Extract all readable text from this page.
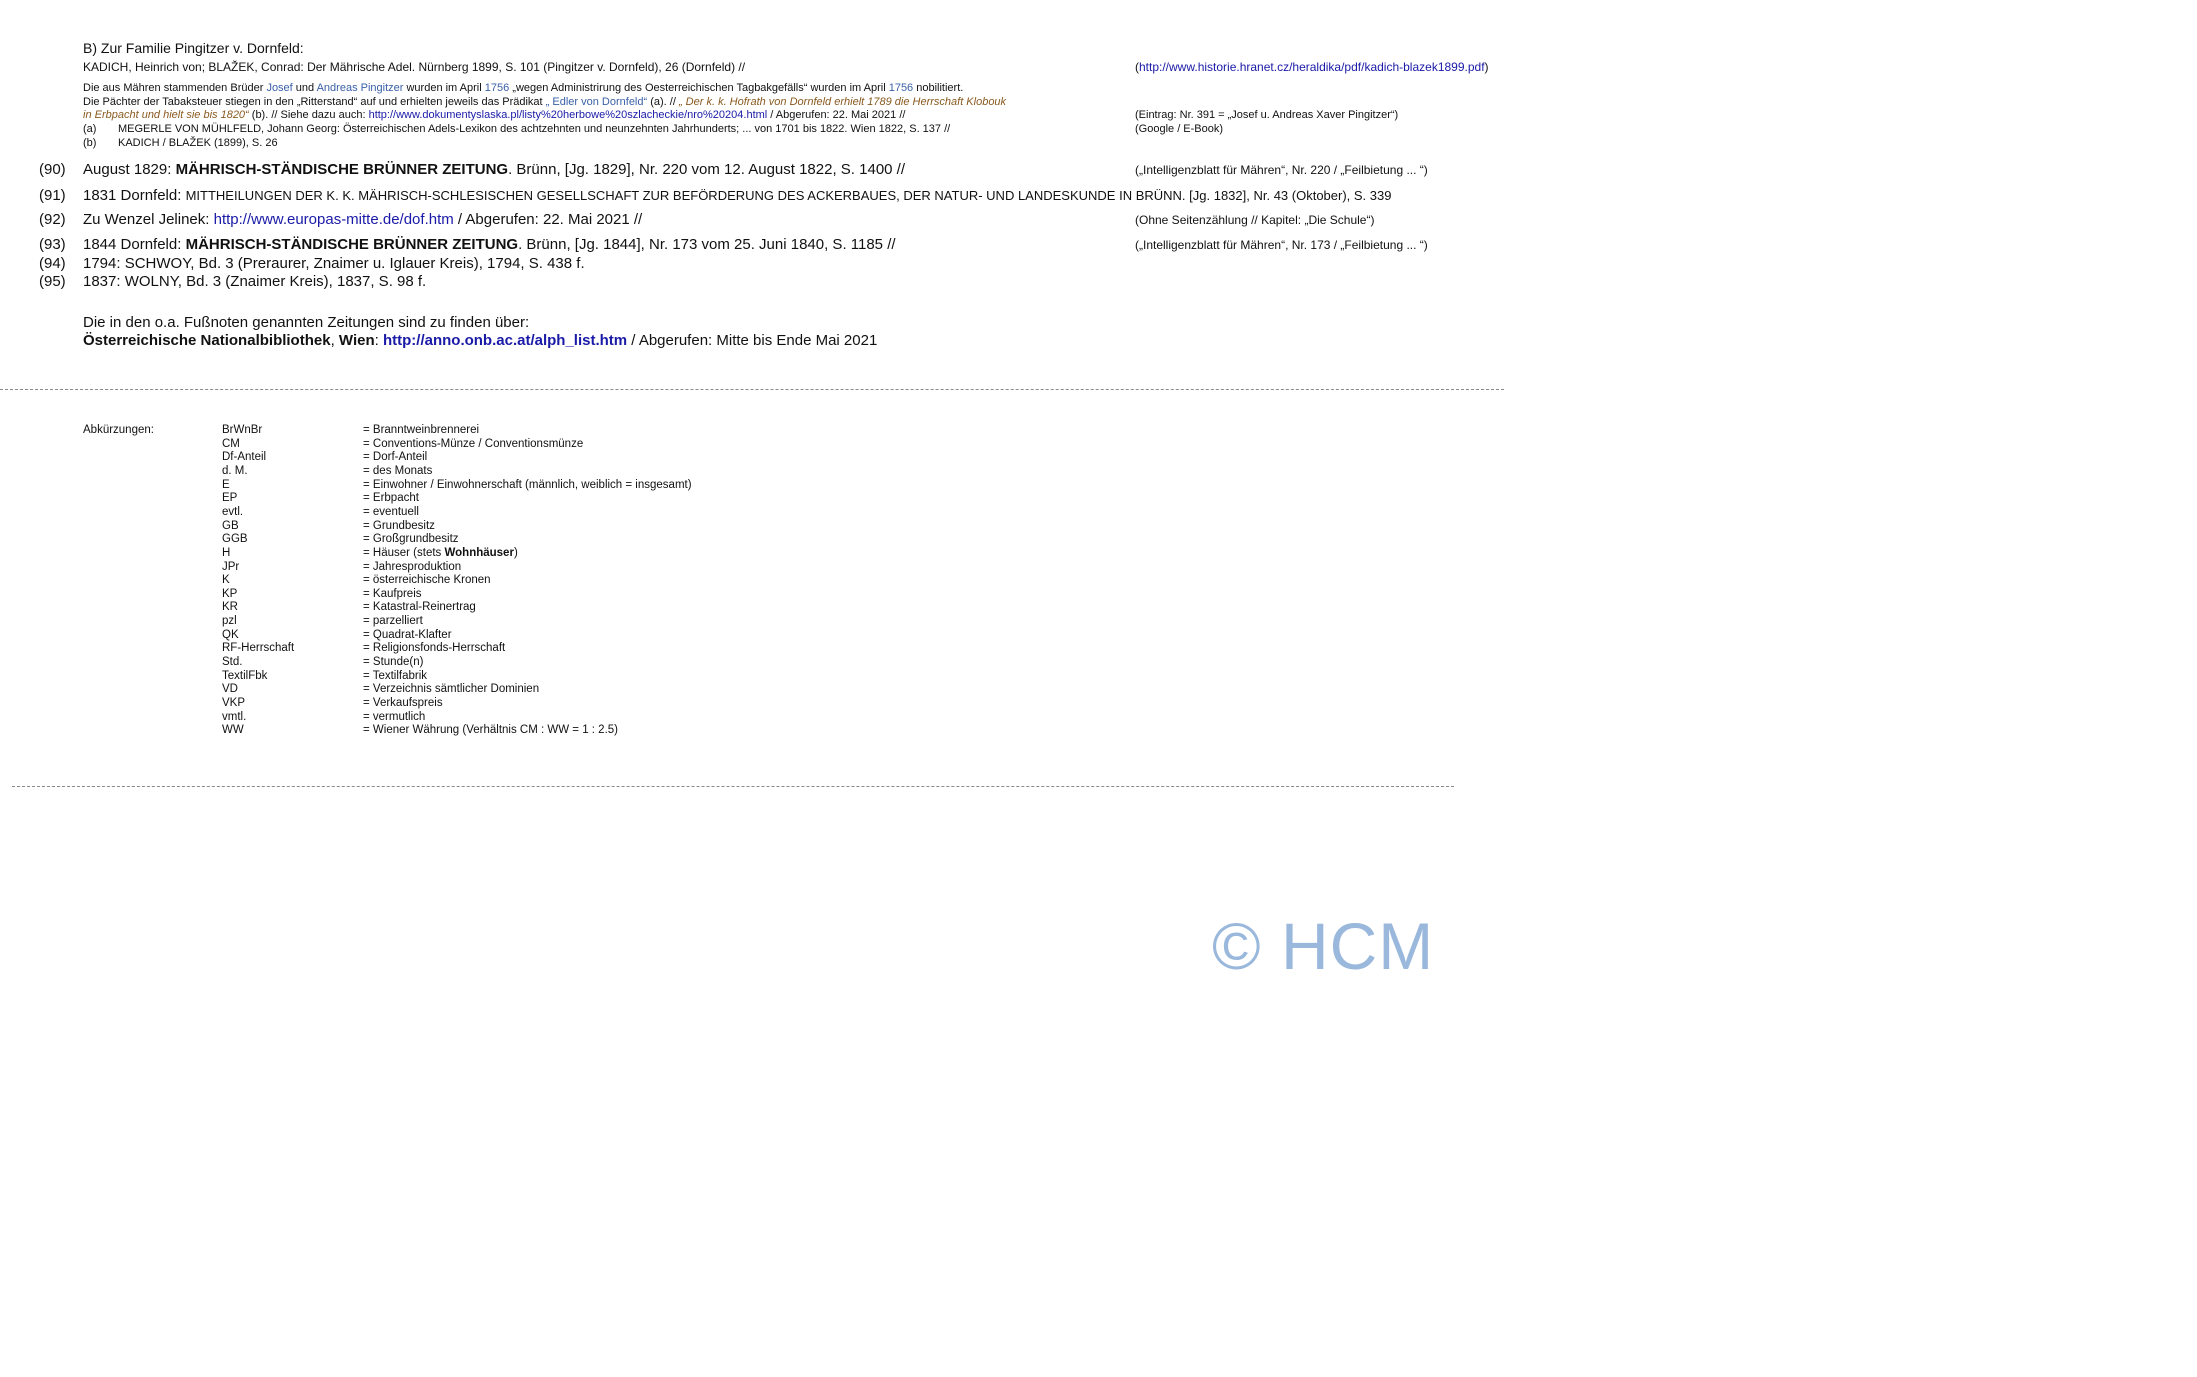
B) Zur Familie Pingitzer v. Dornfeld:
KADICH, Heinrich von; BLAŽEK, Conrad: Der Mährische Adel. Nürnberg 1899, S. 101 (Pingitzer v. Dornfeld), 26 (Dornfeld) //	(http://www.historie.hranet.cz/heraldika/pdf/kadich-blazek1899.pdf)
Die aus Mähren stammenden Brüder Josef und Andreas Pingitzer wurden im April 1756 „wegen Administrirung des Oesterreichischen Tagbakgefälls“ wurden im April 1756 nobilitiert.
Die Pächter der Tabaksteuer stiegen in den „Ritterstand“ auf und erhielten jeweils das Prädikat „ Edler von Dornfeld“ (a). // „ Der k. k. Hofrath von Dornfeld erhielt 1789 die Herrschaft Klobouk
in Erbpacht und hielt sie bis 1820“ (b). // Siehe dazu auch: http://www.dokumentyslaska.pl/listy%20herbowe%20szlacheckie/nro%20204.html / Abgerufen: 22. Mai 2021 //	(Eintrag: Nr. 391 = „Josef u. Andreas Xaver Pingitzer“)
(a) MEGERLE VON MÜHLFELD, Johann Georg: Österreichischen Adels-Lexikon des achtzehnten und neunzehnten Jahrhunderts; ... von 1701 bis 1822. Wien 1822, S. 137 //	(Google / E-Book)
(b) KADICH / BLAŽEK (1899), S. 26
(90) August 1829: MÄHRISCH-STÄNDISCHE BRÜNNER ZEITUNG. Brünn, [Jg. 1829], Nr. 220 vom 12. August 1822, S. 1400 //	(„Intelligenzblatt für Mähren“, Nr. 220 / „Feilbietung ... “)
(91) 1831 Dornfeld: MITTHEILUNGEN DER K. K. MÄHRISCH-SCHLESISCHEN GESELLSCHAFT ZUR BEFÖRDERUNG DES ACKERBAUES, DER NATUR- UND LANDESKUNDE IN BRÜNN. [Jg. 1832], Nr. 43 (Oktober), S. 339
(92) Zu Wenzel Jelinek: http://www.europas-mitte.de/dof.htm / Abgerufen: 22. Mai 2021 //	(Ohne Seitenzählung // Kapitel: „Die Schule“)
(93) 1844 Dornfeld: MÄHRISCH-STÄNDISCHE BRÜNNER ZEITUNG. Brünn, [Jg. 1844], Nr. 173 vom 25. Juni 1840, S. 1185 //	(„Intelligenzblatt für Mähren“, Nr. 173 / „Feilbietung ... “)
(94) 1794: SCHWOY, Bd. 3 (Preraurer, Znaimer u. Iglauer Kreis), 1794, S. 438 f.
(95) 1837: WOLNY, Bd. 3 (Znaimer Kreis), 1837, S. 98 f.
Die in den o.a. Fußnoten genannten Zeitungen sind zu finden über:
Österreichische Nationalbibliothek, Wien: http://anno.onb.ac.at/alph_list.htm / Abgerufen: Mitte bis Ende Mai 2021
Abkürzungen:	BrWnBr	= Branntweinbrennerei
CM	= Conventions-Münze / Conventionsmünze
Df-Anteil	= Dorf-Anteil
d. M.	= des Monats
E	= Einwohner / Einwohnerschaft (männlich, weiblich = insgesamt)
EP	= Erbpacht
evtl.	= eventuell
GB	= Grundbesitz
GGB	= Großgrundbesitz
H	= Häuser (stets Wohnhäuser)
JPr	= Jahresproduktion
K	= österreichische Kronen
KP	= Kaufpreis
KR	= Katastral-Reinertrag
pzl	= parzelliert
QK	= Quadrat-Klafter
RF-Herrschaft	= Religionsfonds-Herrschaft
Std.	= Stunde(n)
TextilFbk	= Textilfabrik
VD	= Verzeichnis sämtlicher Dominien
VKP	= Verkaufspreis
vmtl.	= vermutlich
WW	= Wiener Währung (Verhältnis CM : WW = 1 : 2.5)
© HCM
